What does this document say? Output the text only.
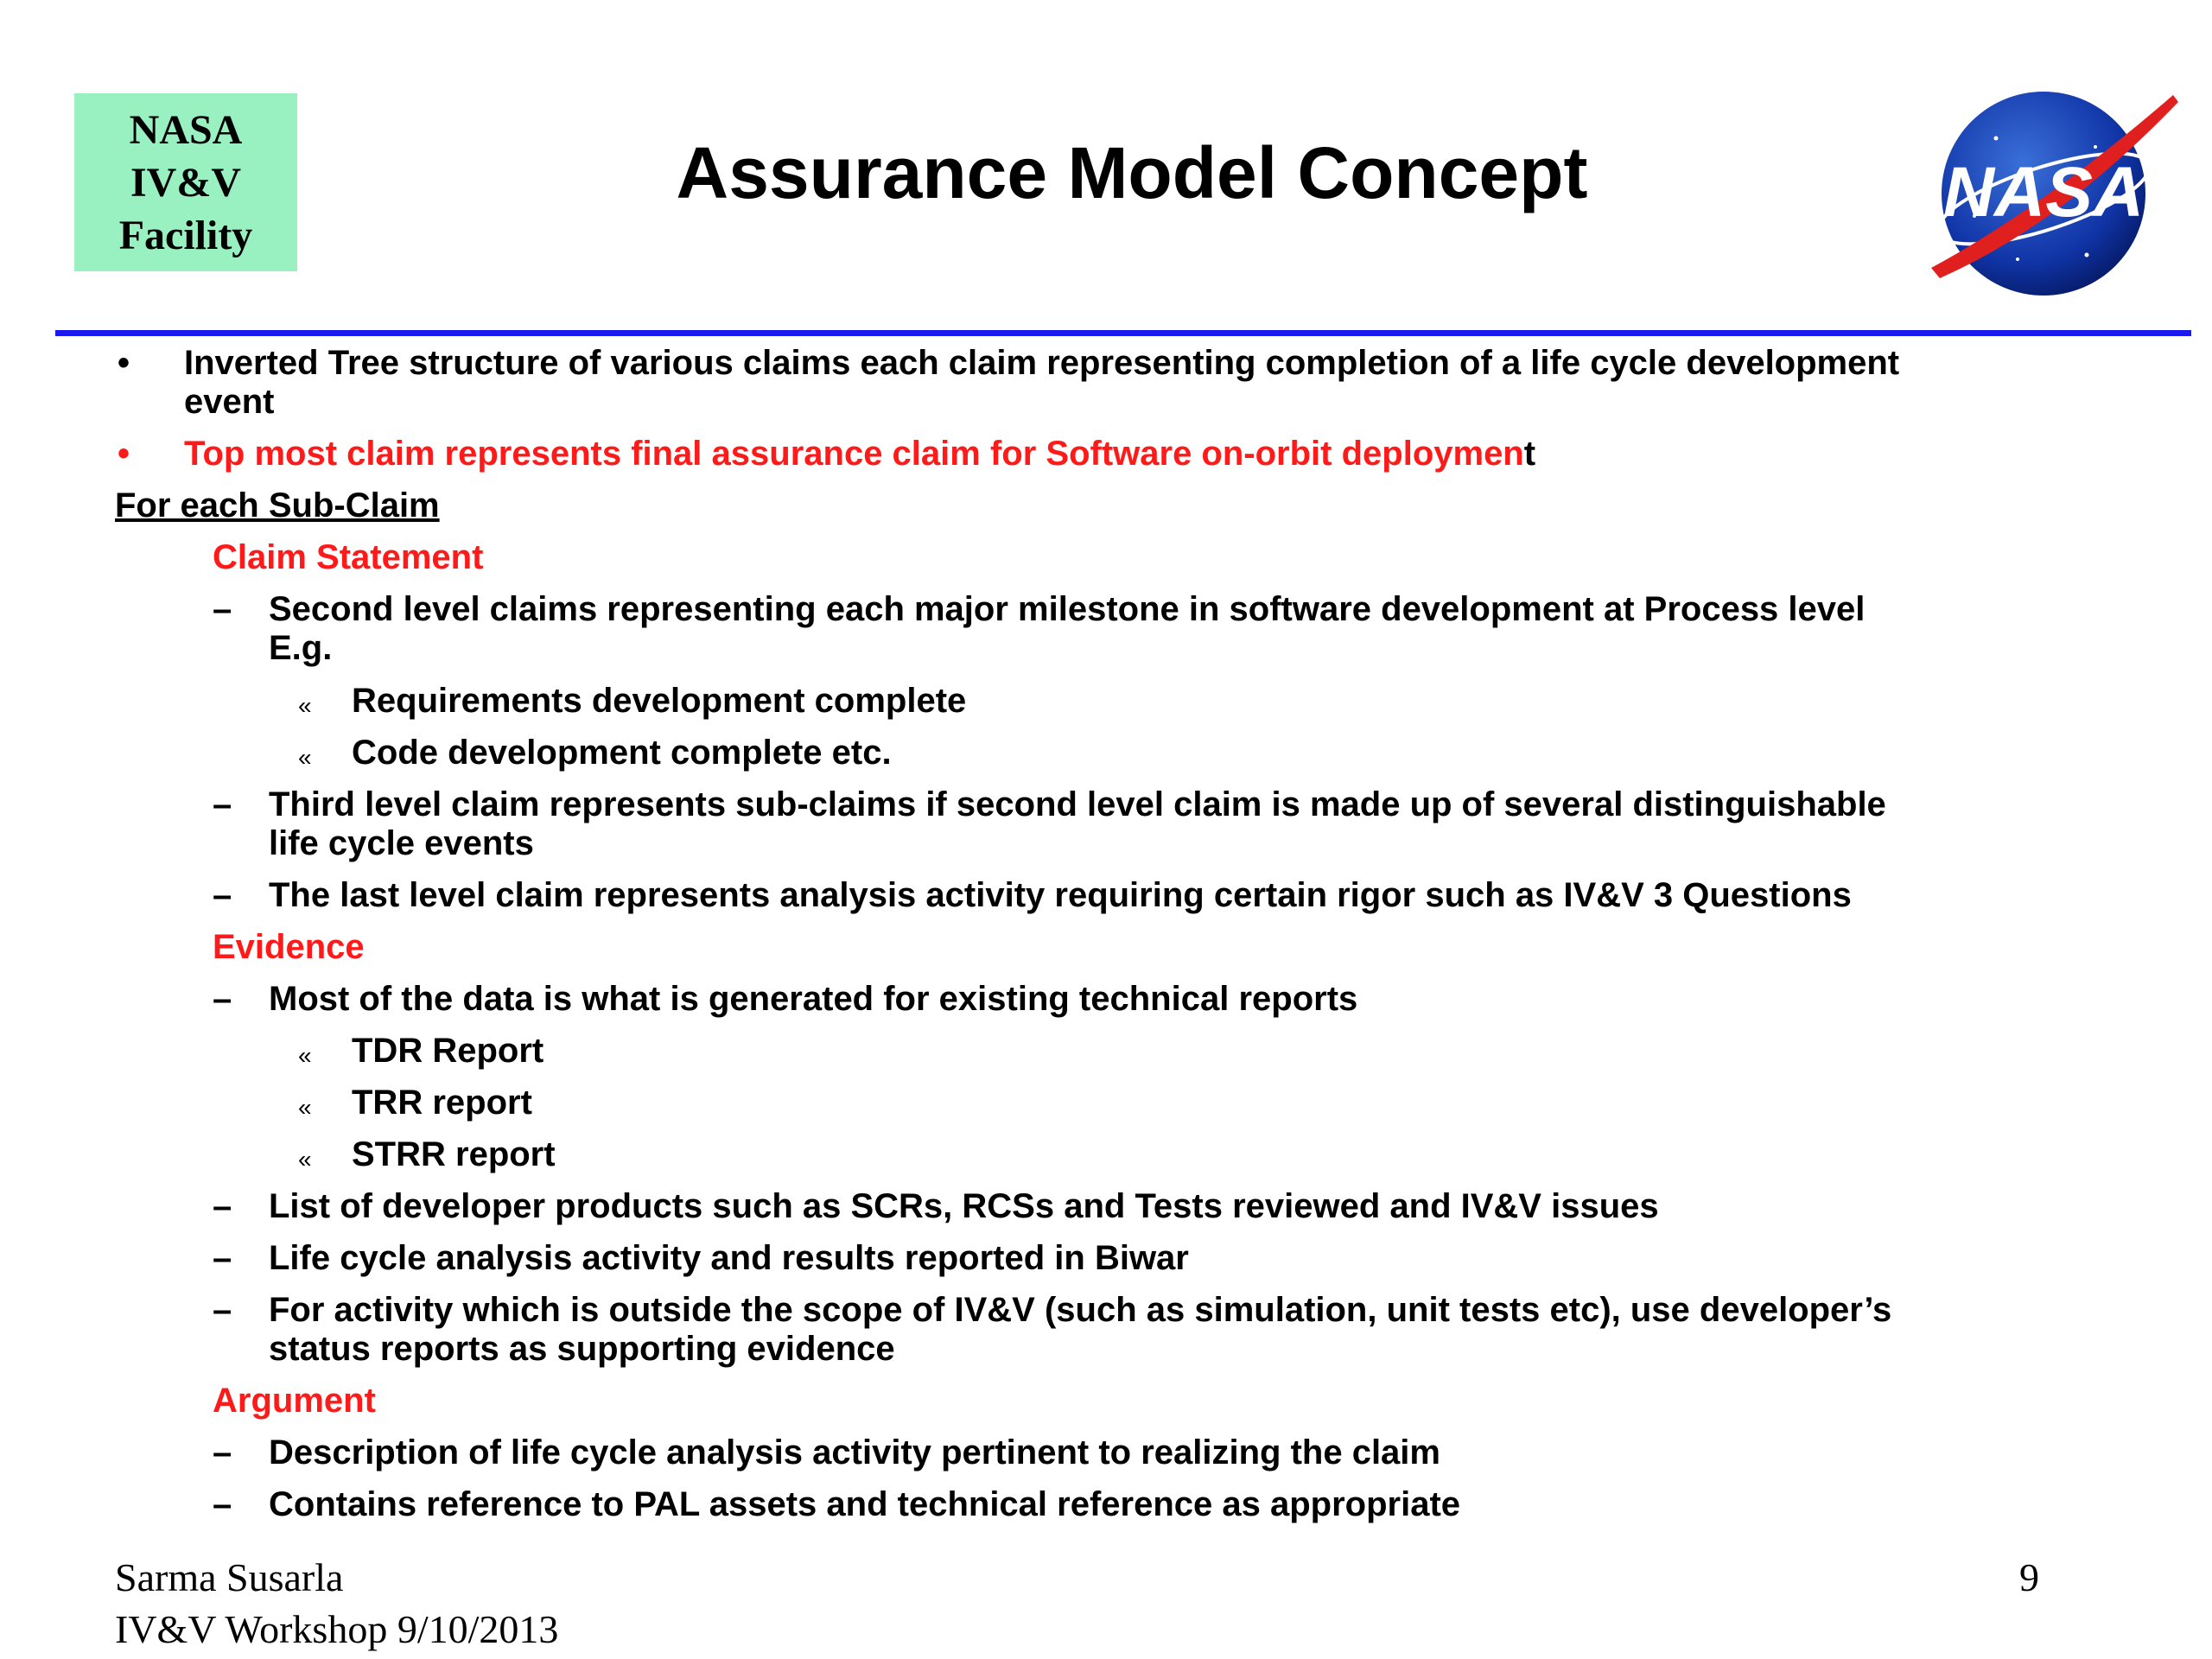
NASA
IV&V
Facility
Assurance Model Concept	NASA
• Inverted Tree structure of various claims each claim representing completion of a life cycle development
event
• Top most claim represents final assurance claim for Software on-orbit deployment
For each Sub-Claim
Claim Statement
– Second level claims representing each major milestone in software development at Process level
E.g.
« Requirements development complete
« Code development complete etc.
– Third level claim represents sub-claims if second level claim is made up of several distinguishable
life cycle events
– The last level claim represents analysis activity requiring certain rigor such as IV&V 3 Questions
Evidence
– Most of the data is what is generated for existing technical reports
« TDR Report
« TRR report
« STRR report
– List of developer products such as SCRs, RCSs and Tests reviewed and IV&V issues
– Life cycle analysis activity and results reported in Biwar
– For activity which is outside the scope of IV&V (such as simulation, unit tests etc), use developer’s
status reports as supporting evidence
Argument
– Description of life cycle analysis activity pertinent to realizing the claim
– Contains reference to PAL assets and technical reference as appropriate
Sarma Susarla
IV&V Workshop 9/10/2013
9
